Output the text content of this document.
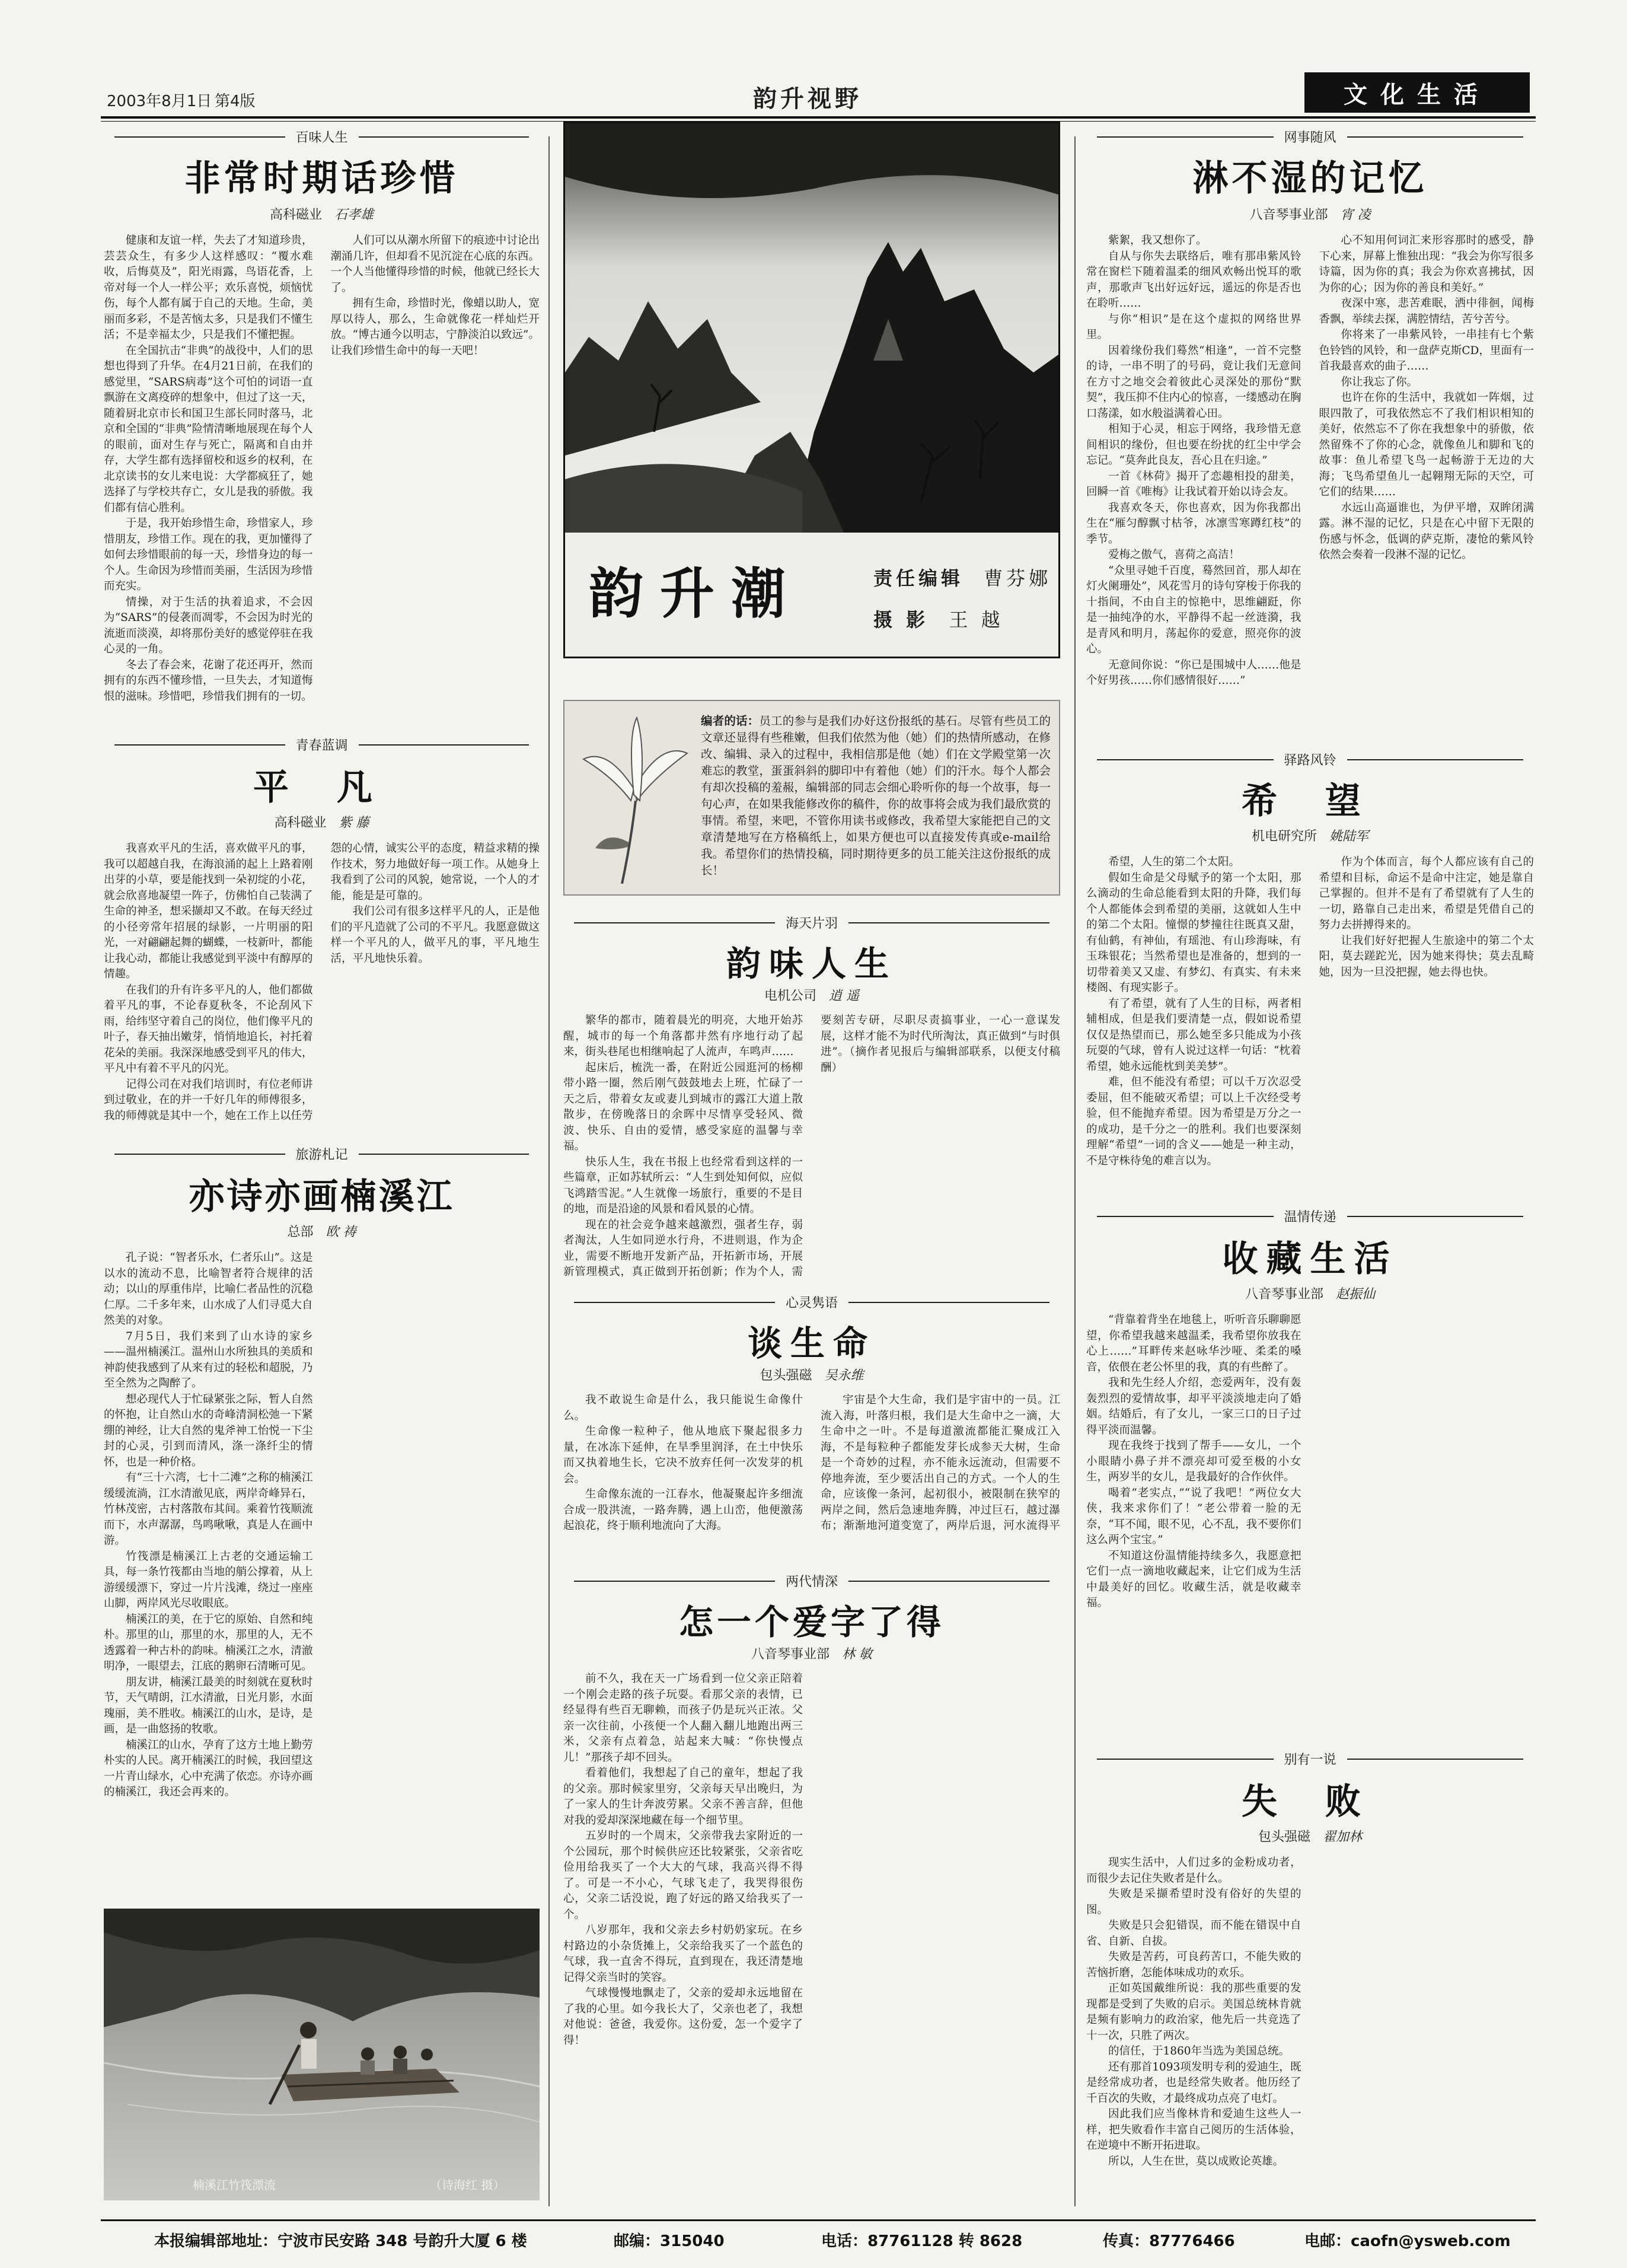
2003年8月1日 第4版	韵升视野	文化生活
百味人生
非常时期话珍惜
高科磁业 石孝雄

健康和友谊一样，失去了才知道珍贵，芸芸众生，有多少人这样感叹：“覆水难收，后悔莫及”，阳光雨露，鸟语花香，上帝对每一个人一样公平；欢乐喜悦，烦恼忧伤，每个人都有属于自己的天地。生命，美丽而多彩，不是苦恼太多，只是我们不懂生活；不是幸福太少，只是我们不懂把握。

在全国抗击“非典”的战役中，人们的思想也得到了升华。在4月21日前，在我们的感觉里，“SARS病毒”这个可怕的词语一直飘游在文离疫碎的想象中，但过了这一天，随着厨北京市长和国卫生部长同时落马，北京和全国的“非典”险情清晰地展现在每个人的眼前，面对生存与死亡，隔离和自由并存，大学生都有选择留校和返乡的权利，在北京读书的女儿来电说：大学都疯狂了，她选择了与学校共存亡，女儿是我的骄傲。我们都有信心胜利。

于是，我开始珍惜生命，珍惜家人，珍惜朋友，珍惜工作。现在的我，更加懂得了如何去珍惜眼前的每一天，珍惜身边的每一个人。生命因为珍惜而美丽，生活因为珍惜而充实。

情操，对于生活的执着追求，不会因为“SARS”的侵袭而凋零，不会因为时光的流逝而淡漠，却将那份美好的感觉停驻在我心灵的一角。

冬去了春会来，花谢了花还再开，然而拥有的东西不懂珍惜，一旦失去，才知道悔恨的滋味。珍惜吧，珍惜我们拥有的一切。

人们可以从潮水所留下的痕迹中讨论出潮涌几许，但却看不见沉淀在心底的东西。一个人当他懂得珍惜的时候，他就已经长大了。

拥有生命，珍惜时光，像蜡以助人，宽厚以待人，那么，生命就像花一样灿烂开放。“博古通今以明志，宁静淡泊以致远”。让我们珍惜生命中的每一天吧！

青春蓝调
平 凡
高科磁业 紫 藤

我喜欢平凡的生活，喜欢做平凡的事，我可以超越自我，在海浪涌的起上上路着刚出芽的小草，要是能找到一朵初绽的小花，就会欣喜地凝望一阵子，仿佛怕自己装满了生命的神圣，想采撷却又不敢。在每天经过的小径旁常年招展的绿影，一片明丽的阳光，一对翩翩起舞的蝴蝶，一枝新叶，都能让我心动，都能让我感觉到平淡中有醇厚的情趣。

在我们的升有许多平凡的人，他们都做着平凡的事，不论春夏秋冬，不论刮风下雨，给纬坚守着自己的岗位，他们像平凡的叶子，春天抽出嫩芽，悄悄地追长，衬托着花朵的美丽。我深深地感受到平凡的伟大，平凡中有着不平凡的闪光。

记得公司在对我们培训时，有位老师讲到过敬业，在的并一千好几年的师傅很多，我的师傅就是其中一个，她在工作上以任劳怨的心情，诚实公平的态度，精益求精的操作技术，努力地做好每一项工作。从她身上我看到了公司的风貌，她常说，一个人的才能，能是是可靠的。

我们公司有很多这样平凡的人，正是他们的平凡造就了公司的不平凡。我愿意做这样一个平凡的人，做平凡的事，平凡地生活，平凡地快乐着。

旅游札记
亦诗亦画楠溪江
总部 欧 祷

孔子说：“智者乐水，仁者乐山”。这是以水的流动不息，比喻智者符合规律的活动；以山的厚重伟岸，比喻仁者品性的沉稳仁厚。二千多年来，山水成了人们寻觅大自然美的对象。

7月5日，我们来到了山水诗的家乡——温州楠溪江。温州山水所独具的美质和神韵使我感到了从来有过的轻松和超脱，乃至全然为之陶醉了。

想必现代人于忙碌紧张之际，暂人自然的怀抱，让自然山水的奇峰清洞松弛一下紧绷的神经，让大自然的鬼斧神工怡悦一下尘封的心灵，引到而清风，涤一涤纤尘的情怀，也是一种价格。

有“三十六湾，七十二滩”之称的楠溪江缓缓流淌，江水清澈见底，两岸奇峰异石，竹林茂密，古村落散布其间。乘着竹筏顺流而下，水声潺潺，鸟鸣啾啾，真是人在画中游。

竹筏漂是楠溪江上古老的交通运输工具，每一条竹筏都由当地的艄公撑着，从上游缓缓漂下，穿过一片片浅滩，绕过一座座山脚，两岸风光尽收眼底。

楠溪江的美，在于它的原始、自然和纯朴。那里的山，那里的水，那里的人，无不透露着一种古朴的韵味。楠溪江之水，清澈明净，一眼望去，江底的鹅卵石清晰可见。

朋友讲，楠溪江最美的时刻就在夏秋时节，天气晴朗，江水清澈，日光月影，水面瑰丽，美不胜收。楠溪江的山水，是诗，是画，是一曲悠扬的牧歌。

楠溪江的山水，孕育了这方土地上勤劳朴实的人民。离开楠溪江的时候，我回望这一片青山绿水，心中充满了依恋。亦诗亦画的楠溪江，我还会再来的。

楠溪江竹筏漂流	（诗海红 摄）
韵升潮	责任编辑 曹芬娜
摄 影 王 越
编者的话：员工的参与是我们办好这份报纸的基石。尽管有些员工的文章还显得有些稚嫩，但我们依然为他（她）们的热情所感动，在修改、编辑、录入的过程中，我相信那是他（她）们在文学殿堂第一次难忘的教堂，蛋蛋斜斜的脚印中有着他（她）们的汗水。每个人都会有却次投稿的羞赧，编辑部的同志会细心聆听你的每一个故事，每一句心声，在如果我能修改你的稿件，你的故事将会成为我们最欣赏的事情。希望，来吧，不管你用读书或修改，我希望大家能把自己的文章清楚地写在方格稿纸上，如果方便也可以直接发传真或e-mail给我。希望你们的热情投稿，同时期待更多的员工能关注这份报纸的成长！
海天片羽
韵味人生
电机公司 逍 遥

繁华的都市，随着晨光的明亮，大地开始苏醒，城市的每一个角落都井然有序地行动了起来，街头巷尾也相继响起了人流声，车鸣声……

起床后，梳洗一番，在附近公园逛河的杨柳带小路一圈，然后刚气鼓鼓地去上班，忙碌了一天之后，带着女友或妻儿到城市的露江大道上散散步，在傍晚落日的余晖中尽情享受轻风、微波、快乐、自由的爱情，感受家庭的温馨与幸福。

快乐人生，我在书报上也经常看到这样的一些篇章，正如苏轼所云：“人生到处知何似，应似飞鸿踏雪泥。”人生就像一场旅行，重要的不是目的地，而是沿途的风景和看风景的心情。

现在的社会竞争越来越激烈，强者生存，弱者淘汰，人生如同逆水行舟，不进则退，作为企业，需要不断地开发新产品，开拓新市场，开展新管理模式，真正做到开拓创新；作为个人，需要刻苦专研，尽职尽责搞事业，一心一意谋发展，这样才能不为时代所淘汰，真正做到“与时俱进”。（摘作者见报后与编辑部联系，以便支付稿酬）

心灵隽语
谈生命
包头强磁 吴永维

我不敢说生命是什么，我只能说生命像什么。

生命像一粒种子，他从地底下聚起很多力量，在冰冻下延伸，在旱季里润泽，在土中快乐而又执着地生长，它决不放弃任何一次发芽的机会。

生命像东流的一江春水，他凝聚起许多细流合成一股洪流，一路奔腾，遇上山峦，他便激荡起浪花，终于顺利地流向了大海。

宇宙是个大生命，我们是宇宙中的一员。江流入海，叶落归根，我们是大生命中之一滴，大生命中之一叶。不是每道激流都能汇聚成江入海，不是每粒种子都能发芽长成参天大树，生命是一个奇妙的过程，亦不能永远流动，但需要不停地奔流，至少要活出自己的方式。一个人的生命，应该像一条河，起初很小，被限制在狭窄的两岸之间，然后急速地奔腾，冲过巨石，越过瀑布；渐渐地河道变宽了，两岸后退，河水流得平

两代情深
怎一个爱字了得
八音琴事业部 林 敏

前不久，我在天一广场看到一位父亲正陪着一个刚会走路的孩子玩耍。看那父亲的表情，已经显得有些百无聊赖，而孩子仍是玩兴正浓。父亲一次往前，小孩便一个人翻入翻儿地跑出两三米，父亲有点着急，站起来大喊：“你快慢点儿！”那孩子却不回头。

看着他们，我想起了自己的童年，想起了我的父亲。那时候家里穷，父亲每天早出晚归，为了一家人的生计奔波劳累。父亲不善言辞，但他对我的爱却深深地藏在每一个细节里。

五岁时的一个周末，父亲带我去家附近的一个公园玩，那个时候供应还比较紧张，父亲省吃俭用给我买了一个大大的气球，我高兴得不得了。可是一不小心，气球飞走了，我哭得很伤心，父亲二话没说，跑了好远的路又给我买了一个。

八岁那年，我和父亲去乡村奶奶家玩。在乡村路边的小杂货摊上，父亲给我买了一个蓝色的气球，我一直舍不得玩，直到现在，我还清楚地记得父亲当时的笑容。

气球慢慢地飘走了，父亲的爱却永远地留在了我的心里。如今我长大了，父亲也老了，我想对他说：爸爸，我爱你。这份爱，怎一个爱字了得！

网事随风
淋不湿的记忆
八音琴事业部 宵 凌

紫絮，我又想你了。

自从与你失去联络后，唯有那串紫风铃常在窗栏下随着温柔的细风欢畅出悦耳的歌声，那歌声飞出好远好远，遥远的你是否也在聆听……

与你“相识”是在这个虚拟的网络世界里。

因着缘份我们蓦然“相逢”，一首不完整的诗，一串不明了的号码，竟让我们无意间在方寸之地交会着彼此心灵深处的那份“默契”，我压抑不住内心的惊喜，一缕感动在胸口荡漾，如水般溢满着心田。

相知于心灵，相忘于网络，我珍惜无意间相识的缘份，但也要在纷扰的红尘中学会忘记。“莫奔此良友，吾心且在归途。”

一首《林荷》揭开了恋趣相投的甜美，回瞬一首《唯梅》让我试着开始以诗会友。

我喜欢冬天，你也喜欢，因为你我都出生在“雁匀醇飘寸枯爷，冰凛雪寒蹲红枝”的季节。

爱梅之傲气，喜荷之高洁！

“众里寻她千百度，蓦然回首，那人却在灯火阑珊处”，风花雪月的诗句穿梭于你我的十指间，不由自主的惊艳中，思维翩跹，你是一抽纯净的水，平静得不起一丝涟漪，我是青风和明月，荡起你的爱意，照亮你的波心。

无意间你说：“你已是围城中人……他是个好男孩……你们感情很好……”

心不知用何词汇来形容那时的感受，静下心来，屏幕上惟独出现：“我会为你写很多诗篇，因为你的真；我会为你欢喜拂拭，因为你的心；因为你的善良和美好。”

夜深中寒，悲苦难眠，洒中徘徊，闻梅香飘，举续去探，满腔情结，苦兮苦兮。

你将来了一串紫风铃，一串挂有七个紫色铃铛的风铃，和一盘萨克斯CD，里面有一首我最喜欢的曲子……

你让我忘了你。

也许在你的生活中，我就如一阵烟，过眼四散了，可我依然忘不了我们相识相知的美好，依然忘不了你在我想象中的骄傲，依然留殊不了你的心念，就像鱼儿和脚和飞的故事：鱼儿希望飞鸟一起畅游于无边的大海；飞鸟希望鱼儿一起翱翔无际的天空，可它们的结果……

水远山高逼谁也，为伊平增，双眸闭满露。淋不湿的记忆，只是在心中留下无限的伤感与怀念，低调的萨克斯，凄怆的紫风铃依然会奏着一段淋不湿的记忆。

驿路风铃
希 望
机电研究所 姚陆军

希望，人生的第二个太阳。

假如生命是父母赋予的第一个太阳，那么滴动的生命总能看到太阳的升降，我们每个人都能体会到希望的美丽，这就如人生中的第二个太阳。憧憬的梦撞往往既真又甜，有仙鹤，有神仙，有瑶池、有山珍海味，有玉珠银花；当然希望也是准备的，想到的一切带着美又又虚、有梦幻、有真实、有未来楼阁、有现实影子。

有了希望，就有了人生的目标，两者相辅相成，但是我们要清楚一点，假如说希望仅仅是热望而已，那么她至多只能成为小孩玩耍的气球，曾有人说过这样一句话：“枕着希望，她永远能枕到美美梦”。

难，但不能没有希望；可以千万次忍受委屈，但不能破灭希望；可以上千次经受考验，但不能抛弃希望。因为希望是万分之一的成功，是千分之一的胜利。我们也要深刻理解“希望”一词的含义——她是一种主动，不是守株待兔的难言以为。

作为个体而言，每个人都应该有自己的希望和目标，命运不是命中注定，她是靠自己掌握的。但并不是有了希望就有了人生的一切，路靠自己走出来，希望是凭借自己的努力去拼搏得来的。

让我们好好把握人生旅途中的第二个太阳，莫去蹉跎光，因为她来得快；莫去乱畸她，因为一旦没把握，她去得也快。

温情传递
收藏生活
八音琴事业部 赵振仙

“背靠着背坐在地毯上，听听音乐聊聊愿望，你希望我越来越温柔，我希望你放我在心上……”耳畔传来赵咏华沙哑、柔柔的嗓音，依偎在老公怀里的我，真的有些醉了。

我和先生经人介绍，恋爱两年，没有轰轰烈烈的爱情故事，却平平淡淡地走向了婚姻。结婚后，有了女儿，一家三口的日子过得平淡而温馨。

现在我终于找到了帮手——女儿，一个小眼睛小鼻子并不漂亮却可爱至极的小女生，两岁半的女儿，是我最好的合作伙伴。

喝着“老实点，”“说了我吧！”两位女大侠，我来求你们了！”老公带着一脸的无奈，“耳不闻，眼不见，心不乱，我不要你们这么两个宝宝。”

不知道这份温情能持续多久，我愿意把它们一点一滴地收藏起来，让它们成为生活中最美好的回忆。收藏生活，就是收藏幸福。

别有一说
失 败
包头强磁 翟加林

现实生活中，人们过多的金粉成功者，而很少去记住失败者是什么。

失败是采撷希望时没有俗好的失望的图。

失败是只会犯错误，而不能在错误中自省、自新、自拔。

失败是苦药，可良药苦口，不能失败的苦恼折磨，怎能体味成功的欢乐。

正如英国戴维所说：我的那些重要的发现都是受到了失败的启示。美国总统林肯就是频有影响力的政治家，他先后一共竞选了十一次，只胜了两次。

的信任，于1860年当选为美国总统。

还有那首1093项发明专利的爱迪生，既是经常成功者，也是经常失败者。他历经了千百次的失败，才最终成功点亮了电灯。

因此我们应当像林肯和爱迪生这些人一样，把失败看作丰富自己阅历的生活体验，在逆境中不断开拓进取。

所以，人生在世，莫以成败论英雄。

本报编辑部地址：宁波市民安路 348 号韵升大厦 6 楼	邮编：315040	电话：87761128 转 8628	传真：87776466	电邮：caofn@ysweb.com
